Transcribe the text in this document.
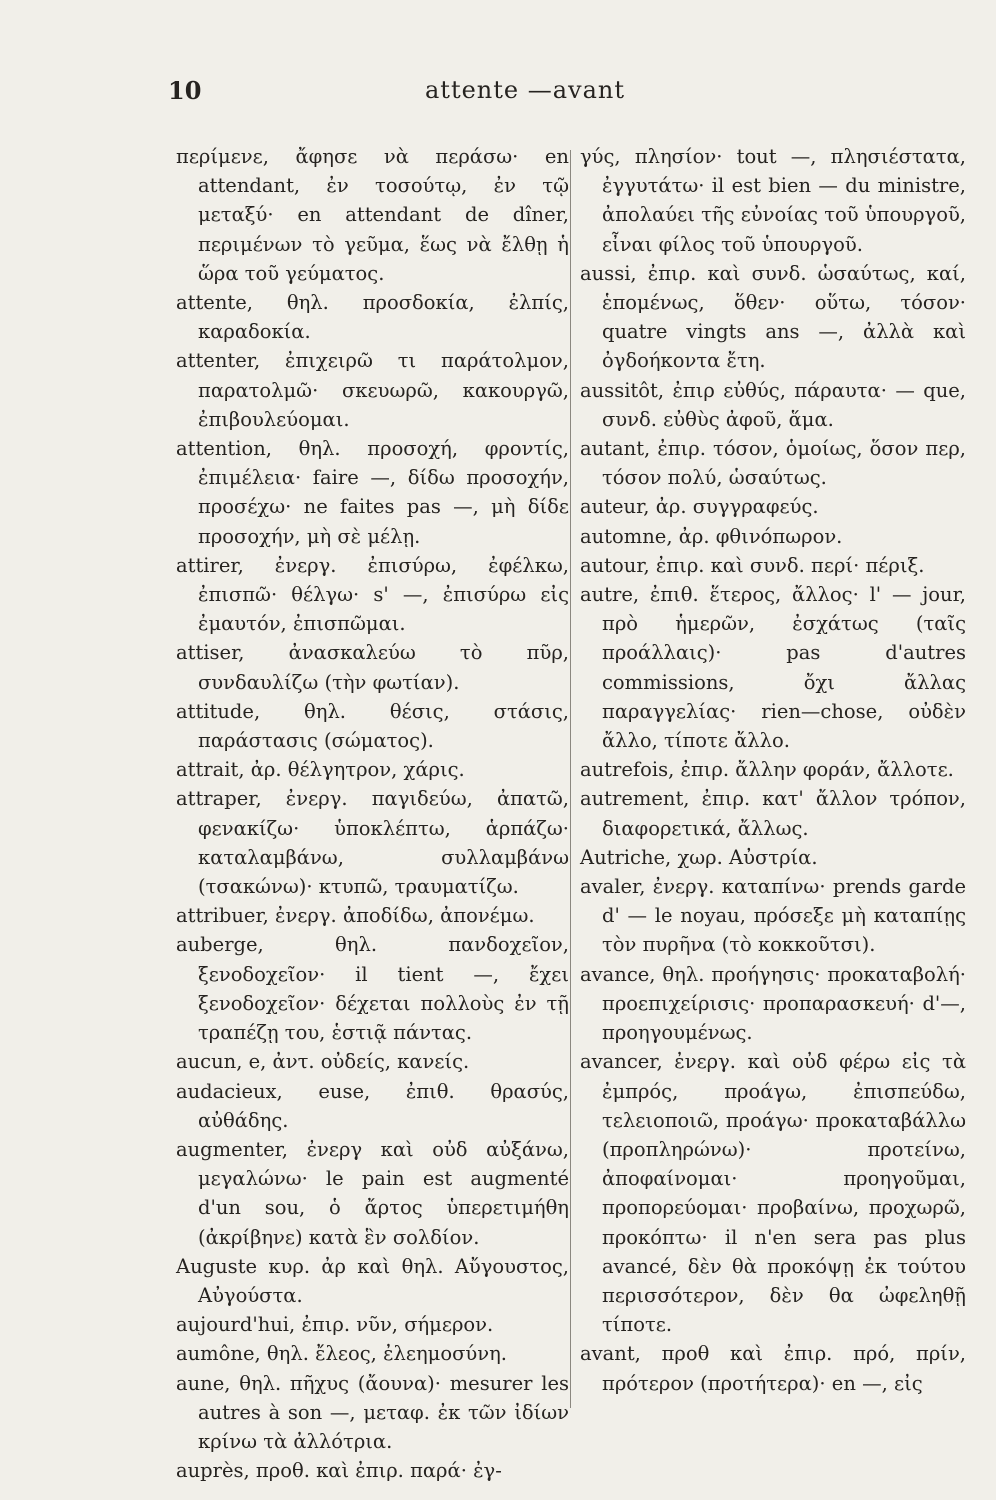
10	attente —avant

περίμενε, ἄφησε νὰ περάσω· en attendant, ἐν τοσούτῳ, ἐν τῷ μεταξύ· en attendant de dîner, περιμένων τὸ γεῦμα, ἕως νὰ ἔλθῃ ἡ ὥρα τοῦ γεύματος.

attente, θηλ. προσδοκία, ἐλπίς, καραδοκία.

attenter, ἐπιχειρῶ τι παράτολμον, παρατολμῶ· σκευωρῶ, κακουργῶ, ἐπιβουλεύομαι.

attention, θηλ. προσοχή, φροντίς, ἐπιμέλεια· faire —, δίδω προσοχήν, προσέχω· ne faites pas —, μὴ δίδε προσοχήν, μὴ σὲ μέλῃ.

attirer, ἐνεργ. ἐπισύρω, ἐφέλκω, ἐπισπῶ· θέλγω· s' —, ἐπισύρω εἰς ἐμαυτόν, ἐπισπῶμαι.

attiser, ἀνασκαλεύω τὸ πῦρ, συνδαυλίζω (τὴν φωτίαν).

attitude, θηλ. θέσις, στάσις, παράστασις (σώματος).

attrait, ἀρ. θέλγητρον, χάρις.

attraper, ἐνεργ. παγιδεύω, ἀπατῶ, φενακίζω· ὑποκλέπτω, ἁρπάζω· καταλαμβάνω, συλλαμβάνω (τσακώνω)· κτυπῶ, τραυματίζω.

attribuer, ἐνεργ. ἀποδίδω, ἀπονέμω.

auberge, θηλ. πανδοχεῖον, ξενοδοχεῖον· il tient —, ἔχει ξενοδοχεῖον· δέχεται πολλοὺς ἐν τῇ τραπέζῃ του, ἑστιᾷ πάντας.

aucun, e, ἀντ. οὐδείς, κανείς.

audacieux, euse, ἐπιθ. θρασύς, αὐθάδης.

augmenter, ἐνεργ καὶ οὐδ αὐξάνω, μεγαλώνω· le pain est augmenté d'un sou, ὁ ἄρτος ὑπερετιμήθη (ἀκρίβηνε) κατὰ ἓν σολδίον.

Auguste κυρ. ἀρ καὶ θηλ. Αὔγουστος, Αὐγούστα.

aujourd'hui, ἐπιρ. νῦν, σήμερον.

aumône, θηλ. ἔλεος, ἐλεημοσύνη.

aune, θηλ. πῆχυς (ἄουνα)· mesurer les autres à son —, μεταφ. ἐκ τῶν ἰδίων κρίνω τὰ ἀλλότρια.

auprès, προθ. καὶ ἐπιρ. παρά· ἐγ-

γύς, πλησίον· tout —, πλησιέστατα, ἐγγυτάτω· il est bien — du ministre, ἀπολαύει τῆς εὐνοίας τοῦ ὑπουργοῦ, εἶναι φίλος τοῦ ὑπουργοῦ.

aussi, ἐπιρ. καὶ συνδ. ὡσαύτως, καί, ἑπομένως, ὅθεν· οὕτω, τόσον· quatre vingts ans —, ἀλλὰ καὶ ὀγδοήκοντα ἔτη.

aussitôt, ἐπιρ εὐθύς, πάραυτα· — que, συνδ. εὐθὺς ἀφοῦ, ἅμα.

autant, ἐπιρ. τόσον, ὁμοίως, ὅσον περ, τόσον πολύ, ὡσαύτως.

auteur, ἀρ. συγγραφεύς.

automne, ἀρ. φθινόπωρον.

autour, ἐπιρ. καὶ συνδ. περί· πέριξ.

autre, ἐπιθ. ἕτερος, ἄλλος· l' — jour, πρὸ ἡμερῶν, ἐσχάτως (ταῖς προάλλαις)· pas d'autres commissions, ὄχι ἄλλας παραγγελίας· rien—chose, οὐδὲν ἄλλο, τίποτε ἄλλο.

autrefois, ἐπιρ. ἄλλην φοράν, ἄλλοτε.

autrement, ἐπιρ. κατ' ἄλλον τρόπον, διαφορετικά, ἄλλως.

Autriche, χωρ. Αὐστρία.

avaler, ἐνεργ. καταπίνω· prends garde d' — le noyau, πρόσεξε μὴ καταπίῃς τὸν πυρῆνα (τὸ κοκκοῦτσι).

avance, θηλ. προήγησις· προκαταβολή· προεπιχείρισις· προπαρασκευή· d'—, προηγουμένως.

avancer, ἐνεργ. καὶ οὐδ φέρω εἰς τὰ ἐμπρός, προάγω, ἐπισπεύδω, τελειοποιῶ, προάγω· προκαταβάλλω (προπληρώνω)· προτείνω, ἀποφαίνομαι· προηγοῦμαι, προπορεύομαι· προβαίνω, προχωρῶ, προκόπτω· il n'en sera pas plus avancé, δὲν θὰ προκόψῃ ἐκ τούτου περισσότερον, δὲν θα ὠφεληθῇ τίποτε.

avant, προθ καὶ ἐπιρ. πρό, πρίν, πρότερον (προτήτερα)· en —, εἰς
